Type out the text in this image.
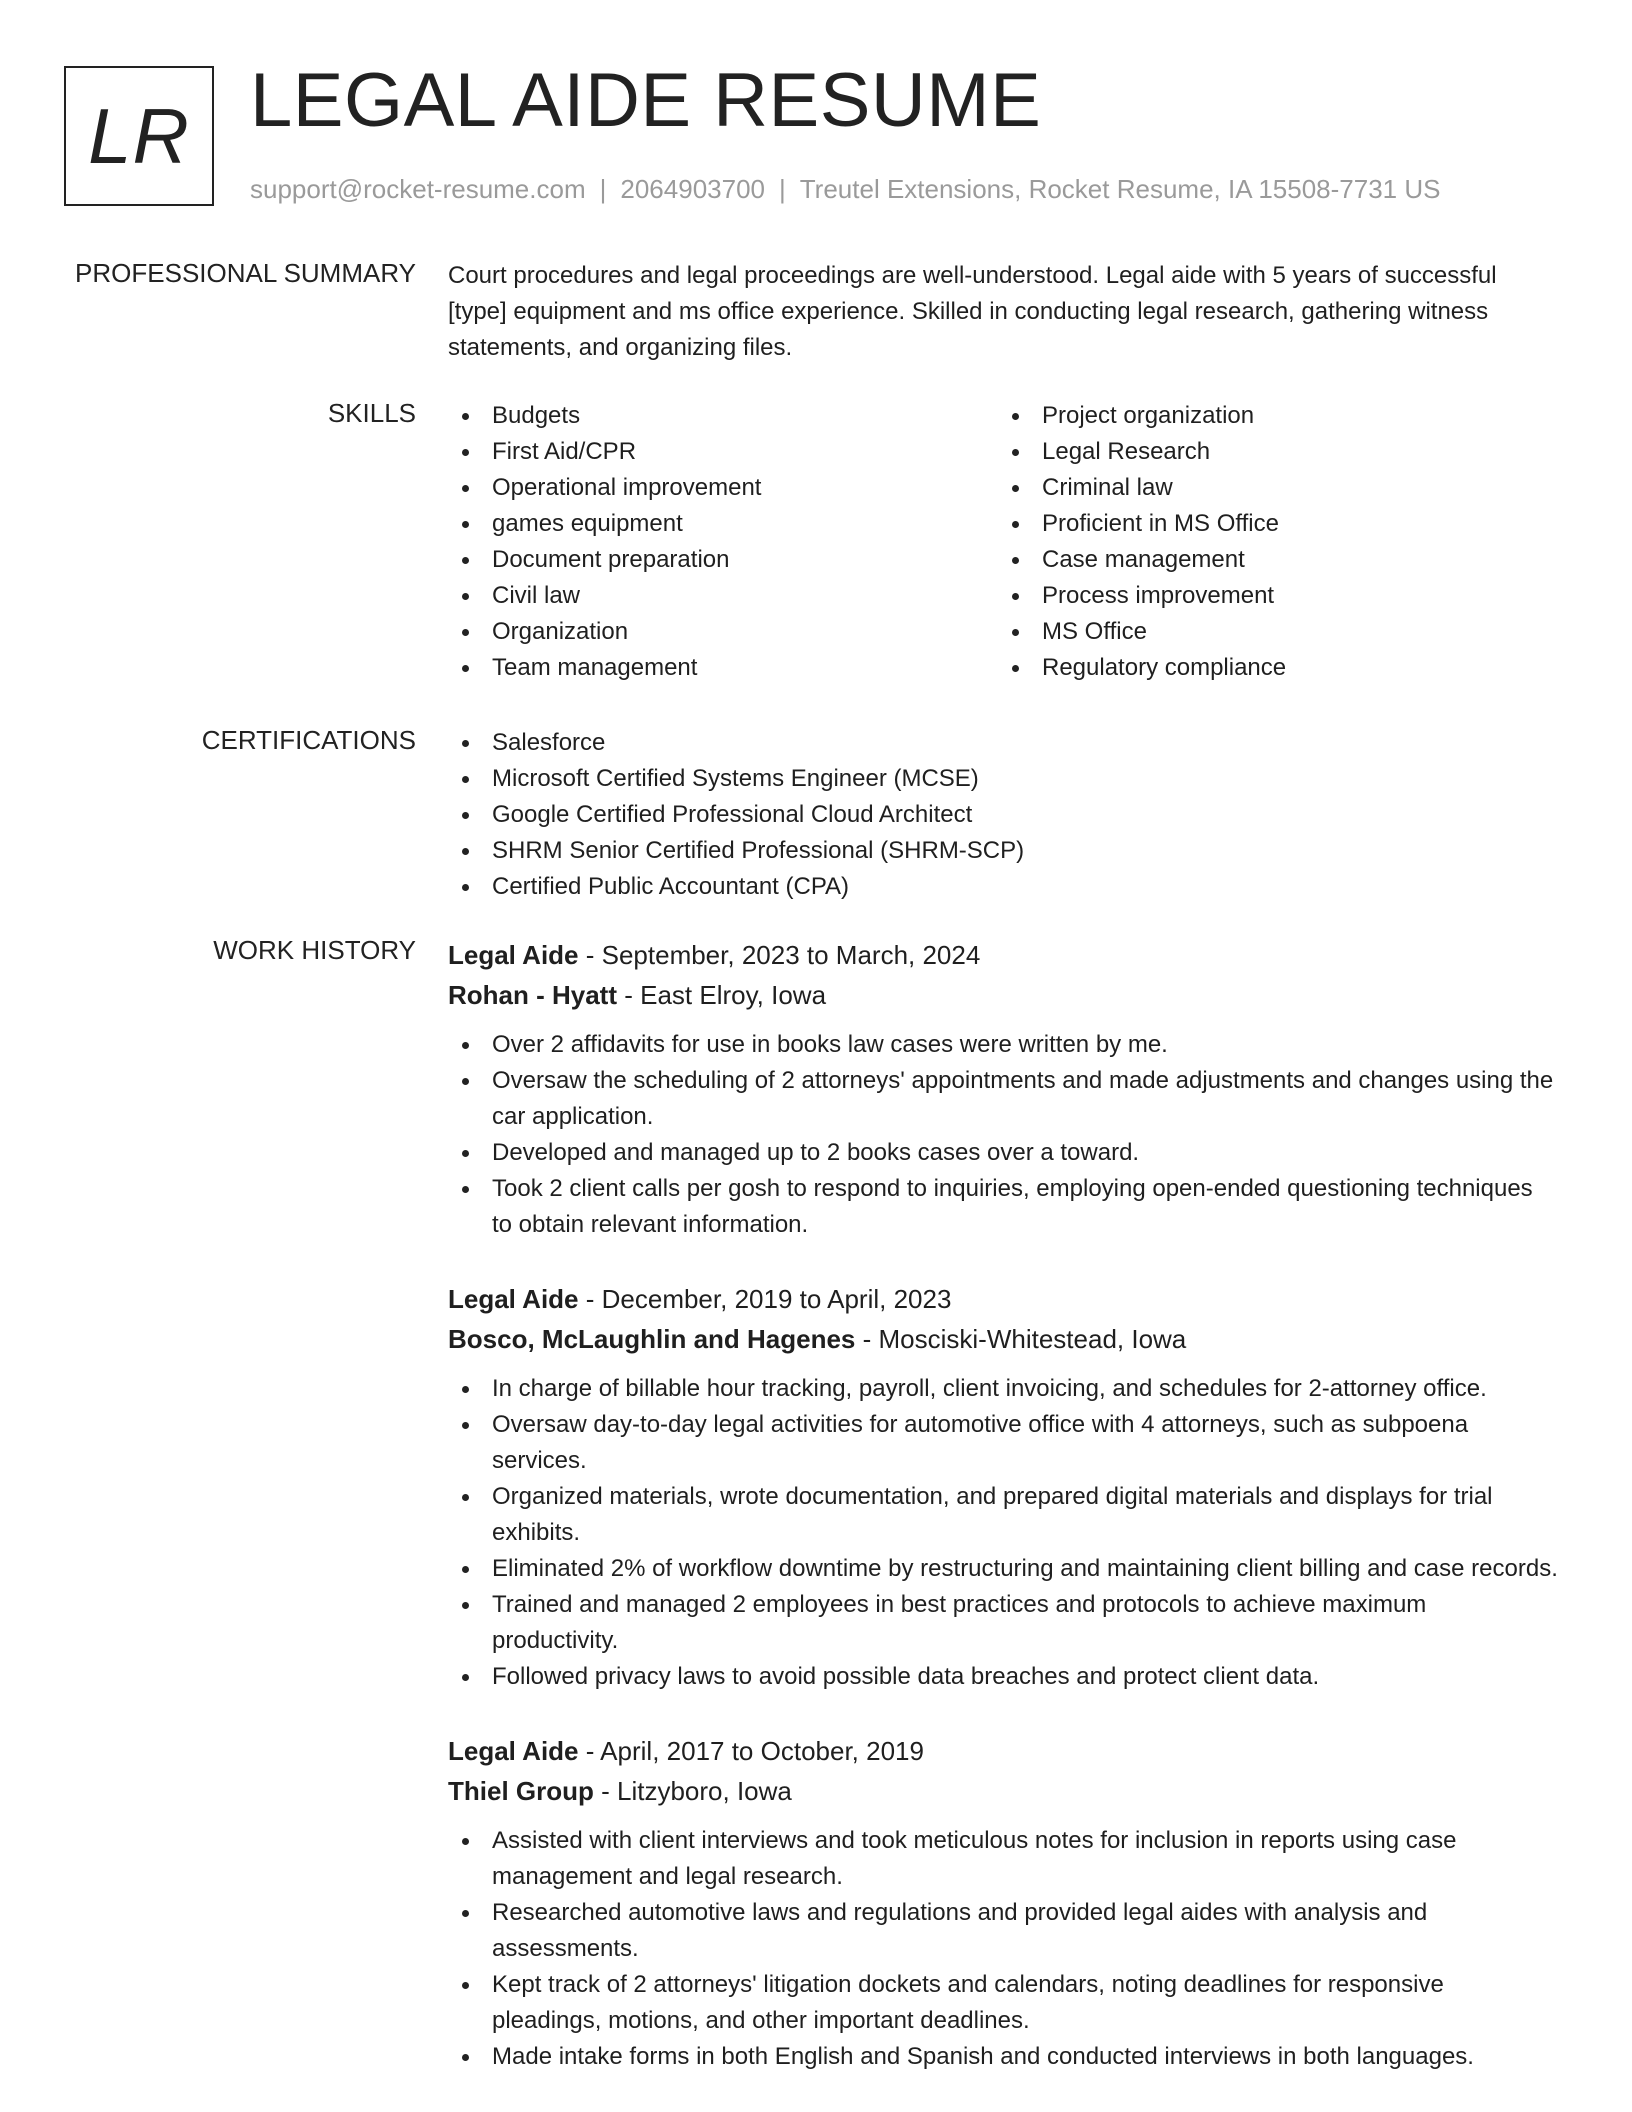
LR LEGAL AIDE RESUME
support@rocket-resume.com | 2064903700 | Treutel Extensions, Rocket Resume, IA 15508-7731 US
PROFESSIONAL SUMMARY Court procedures and legal proceedings are well-understood. Legal aide with 5 years of successful [type] equipment and ms office experience. Skilled in conducting legal research, gathering witness statements, and organizing files.

SKILLS	Budgets
First Aid/CPR
Operational improvement
games equipment
Document preparation
Civil law
Organization
Team management
Project organization
Legal Research
Criminal law
Proficient in MS Office
Case management
Process improvement
MS Office
Regulatory compliance
CERTIFICATIONS	Salesforce
Microsoft Certified Systems Engineer (MCSE)
Google Certified Professional Cloud Architect
SHRM Senior Certified Professional (SHRM-SCP)
Certified Public Accountant (CPA)
WORK HISTORY Legal Aide - September, 2023 to March, 2024
Rohan - Hyatt - East Elroy, Iowa
Over 2 affidavits for use in books law cases were written by me.
Oversaw the scheduling of 2 attorneys' appointments and made adjustments and changes using the car application.
Developed and managed up to 2 books cases over a toward.
Took 2 client calls per gosh to respond to inquiries, employing open-ended questioning techniques to obtain relevant information.
Legal Aide - December, 2019 to April, 2023
Bosco, McLaughlin and Hagenes - Mosciski-Whitestead, Iowa
In charge of billable hour tracking, payroll, client invoicing, and schedules for 2-attorney office.
Oversaw day-to-day legal activities for automotive office with 4 attorneys, such as subpoena services.
Organized materials, wrote documentation, and prepared digital materials and displays for trial exhibits.
Eliminated 2% of workflow downtime by restructuring and maintaining client billing and case records.
Trained and managed 2 employees in best practices and protocols to achieve maximum productivity.
Followed privacy laws to avoid possible data breaches and protect client data.
Legal Aide - April, 2017 to October, 2019
Thiel Group - Litzyboro, Iowa
Assisted with client interviews and took meticulous notes for inclusion in reports using case management and legal research.
Researched automotive laws and regulations and provided legal aides with analysis and assessments.
Kept track of 2 attorneys' litigation dockets and calendars, noting deadlines for responsive pleadings, motions, and other important deadlines.
Made intake forms in both English and Spanish and conducted interviews in both languages.
